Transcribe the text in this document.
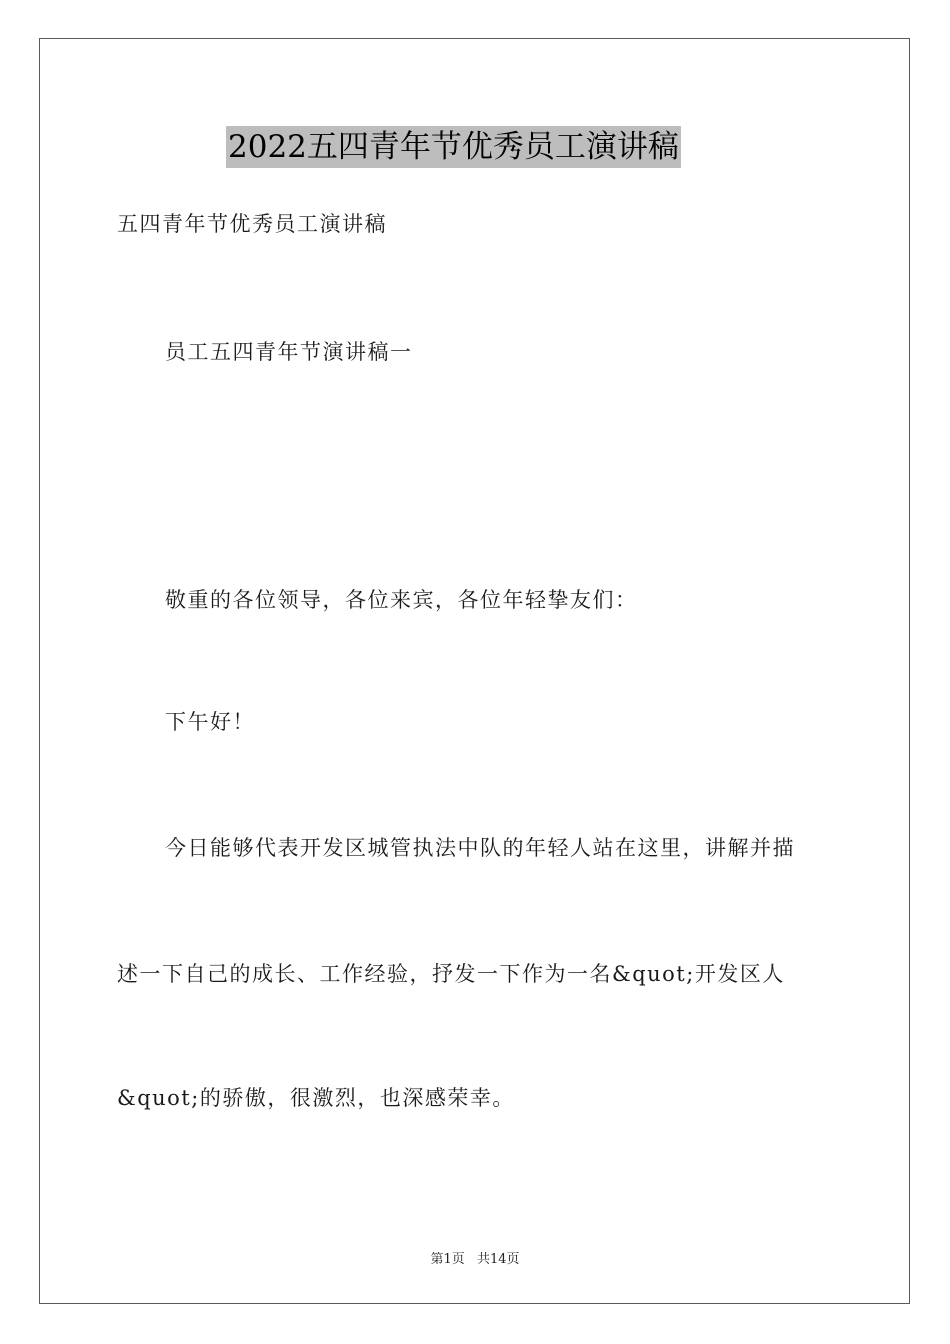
2022五四青年节优秀员工演讲稿
五四青年节优秀员工演讲稿
员工五四青年节演讲稿一
敬重的各位领导，各位来宾，各位年轻挚友们：
下午好！
今日能够代表开发区城管执法中队的年轻人站在这里，讲解并描
述一下自己的成长、工作经验，抒发一下作为一名&quot;开发区人
&quot;的骄傲，很激烈，也深感荣幸。
第1页 共14页
